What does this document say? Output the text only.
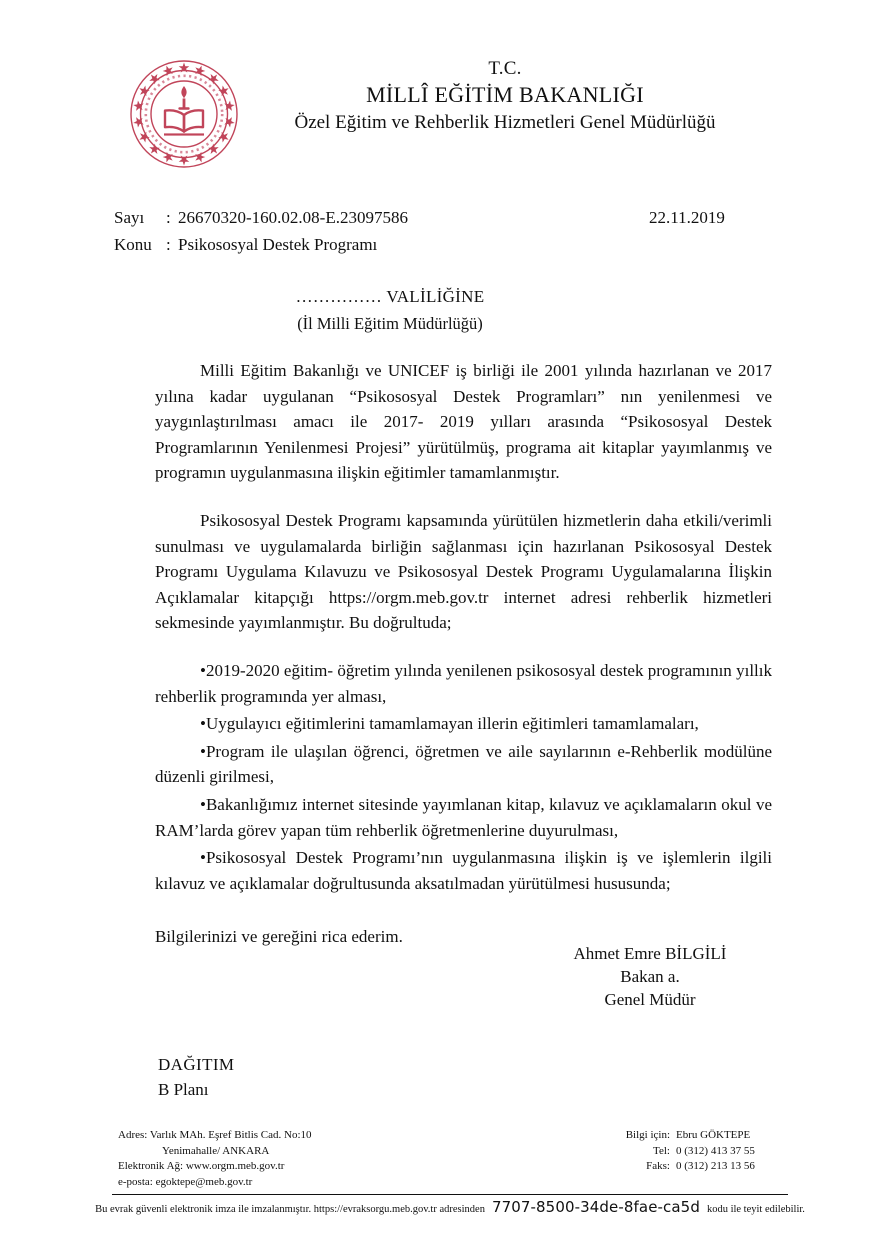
T.C.
MİLLÎ EĞİTİM BAKANLIĞI
Özel Eğitim ve Rehberlik Hizmetleri Genel Müdürlüğü
Sayı : 26670320-160.02.08-E.23097586	22.11.2019
Konu : Psikososyal Destek Programı
…………… VALİLİĞİNE
(İl Milli Eğitim Müdürlüğü)

Milli Eğitim Bakanlığı ve UNICEF iş birliği ile 2001 yılında hazırlanan ve 2017 yılına kadar uygulanan “Psikososyal Destek Programları” nın yenilenmesi ve yaygınlaştırılması amacı ile 2017- 2019 yılları arasında “Psikososyal Destek Programlarının Yenilenmesi Projesi” yürütülmüş, programa ait kitaplar yayımlanmış ve programın uygulanmasına ilişkin eğitimler tamamlanmıştır.

Psikososyal Destek Programı kapsamında yürütülen hizmetlerin daha etkili/verimli sunulması ve uygulamalarda birliğin sağlanması için hazırlanan Psikososyal Destek Programı Uygulama Kılavuzu ve Psikososyal Destek Programı Uygulamalarına İlişkin Açıklamalar kitapçığı https://orgm.meb.gov.tr internet adresi rehberlik hizmetleri sekmesinde yayımlanmıştır. Bu doğrultuda;

•2019-2020 eğitim- öğretim yılında yenilenen psikososyal destek programının yıllık rehberlik programında yer alması,

•Uygulayıcı eğitimlerini tamamlamayan illerin eğitimleri tamamlamaları,

•Program ile ulaşılan öğrenci, öğretmen ve aile sayılarının e-Rehberlik modülüne düzenli girilmesi,

•Bakanlığımız internet sitesinde yayımlanan kitap, kılavuz ve açıklamaların okul ve RAM’larda görev yapan tüm rehberlik öğretmenlerine duyurulması,

•Psikososyal Destek Programı’nın uygulanmasına ilişkin iş ve işlemlerin ilgili kılavuz ve açıklamalar doğrultusunda aksatılmadan yürütülmesi hususunda;

Bilgilerinizi ve gereğini rica ederim.

Ahmet Emre BİLGİLİ
Bakan a.
Genel Müdür
DAĞITIM
B Planı
Adres: Varlık MAh. Eşref Bitlis Cad. No:10
Yenimahalle/ ANKARA
Elektronik Ağ: www.orgm.meb.gov.tr
e-posta: egoktepe@meb.gov.tr
Bilgi için: Ebru GÖKTEPE
Tel: 0 (312) 413 37 55
Faks: 0 (312) 213 13 56
Bu evrak güvenli elektronik imza ile imzalanmıştır. https://evraksorgu.meb.gov.tr adresinden 7707-8500-34de-8fae-ca5d kodu ile teyit edilebilir.
